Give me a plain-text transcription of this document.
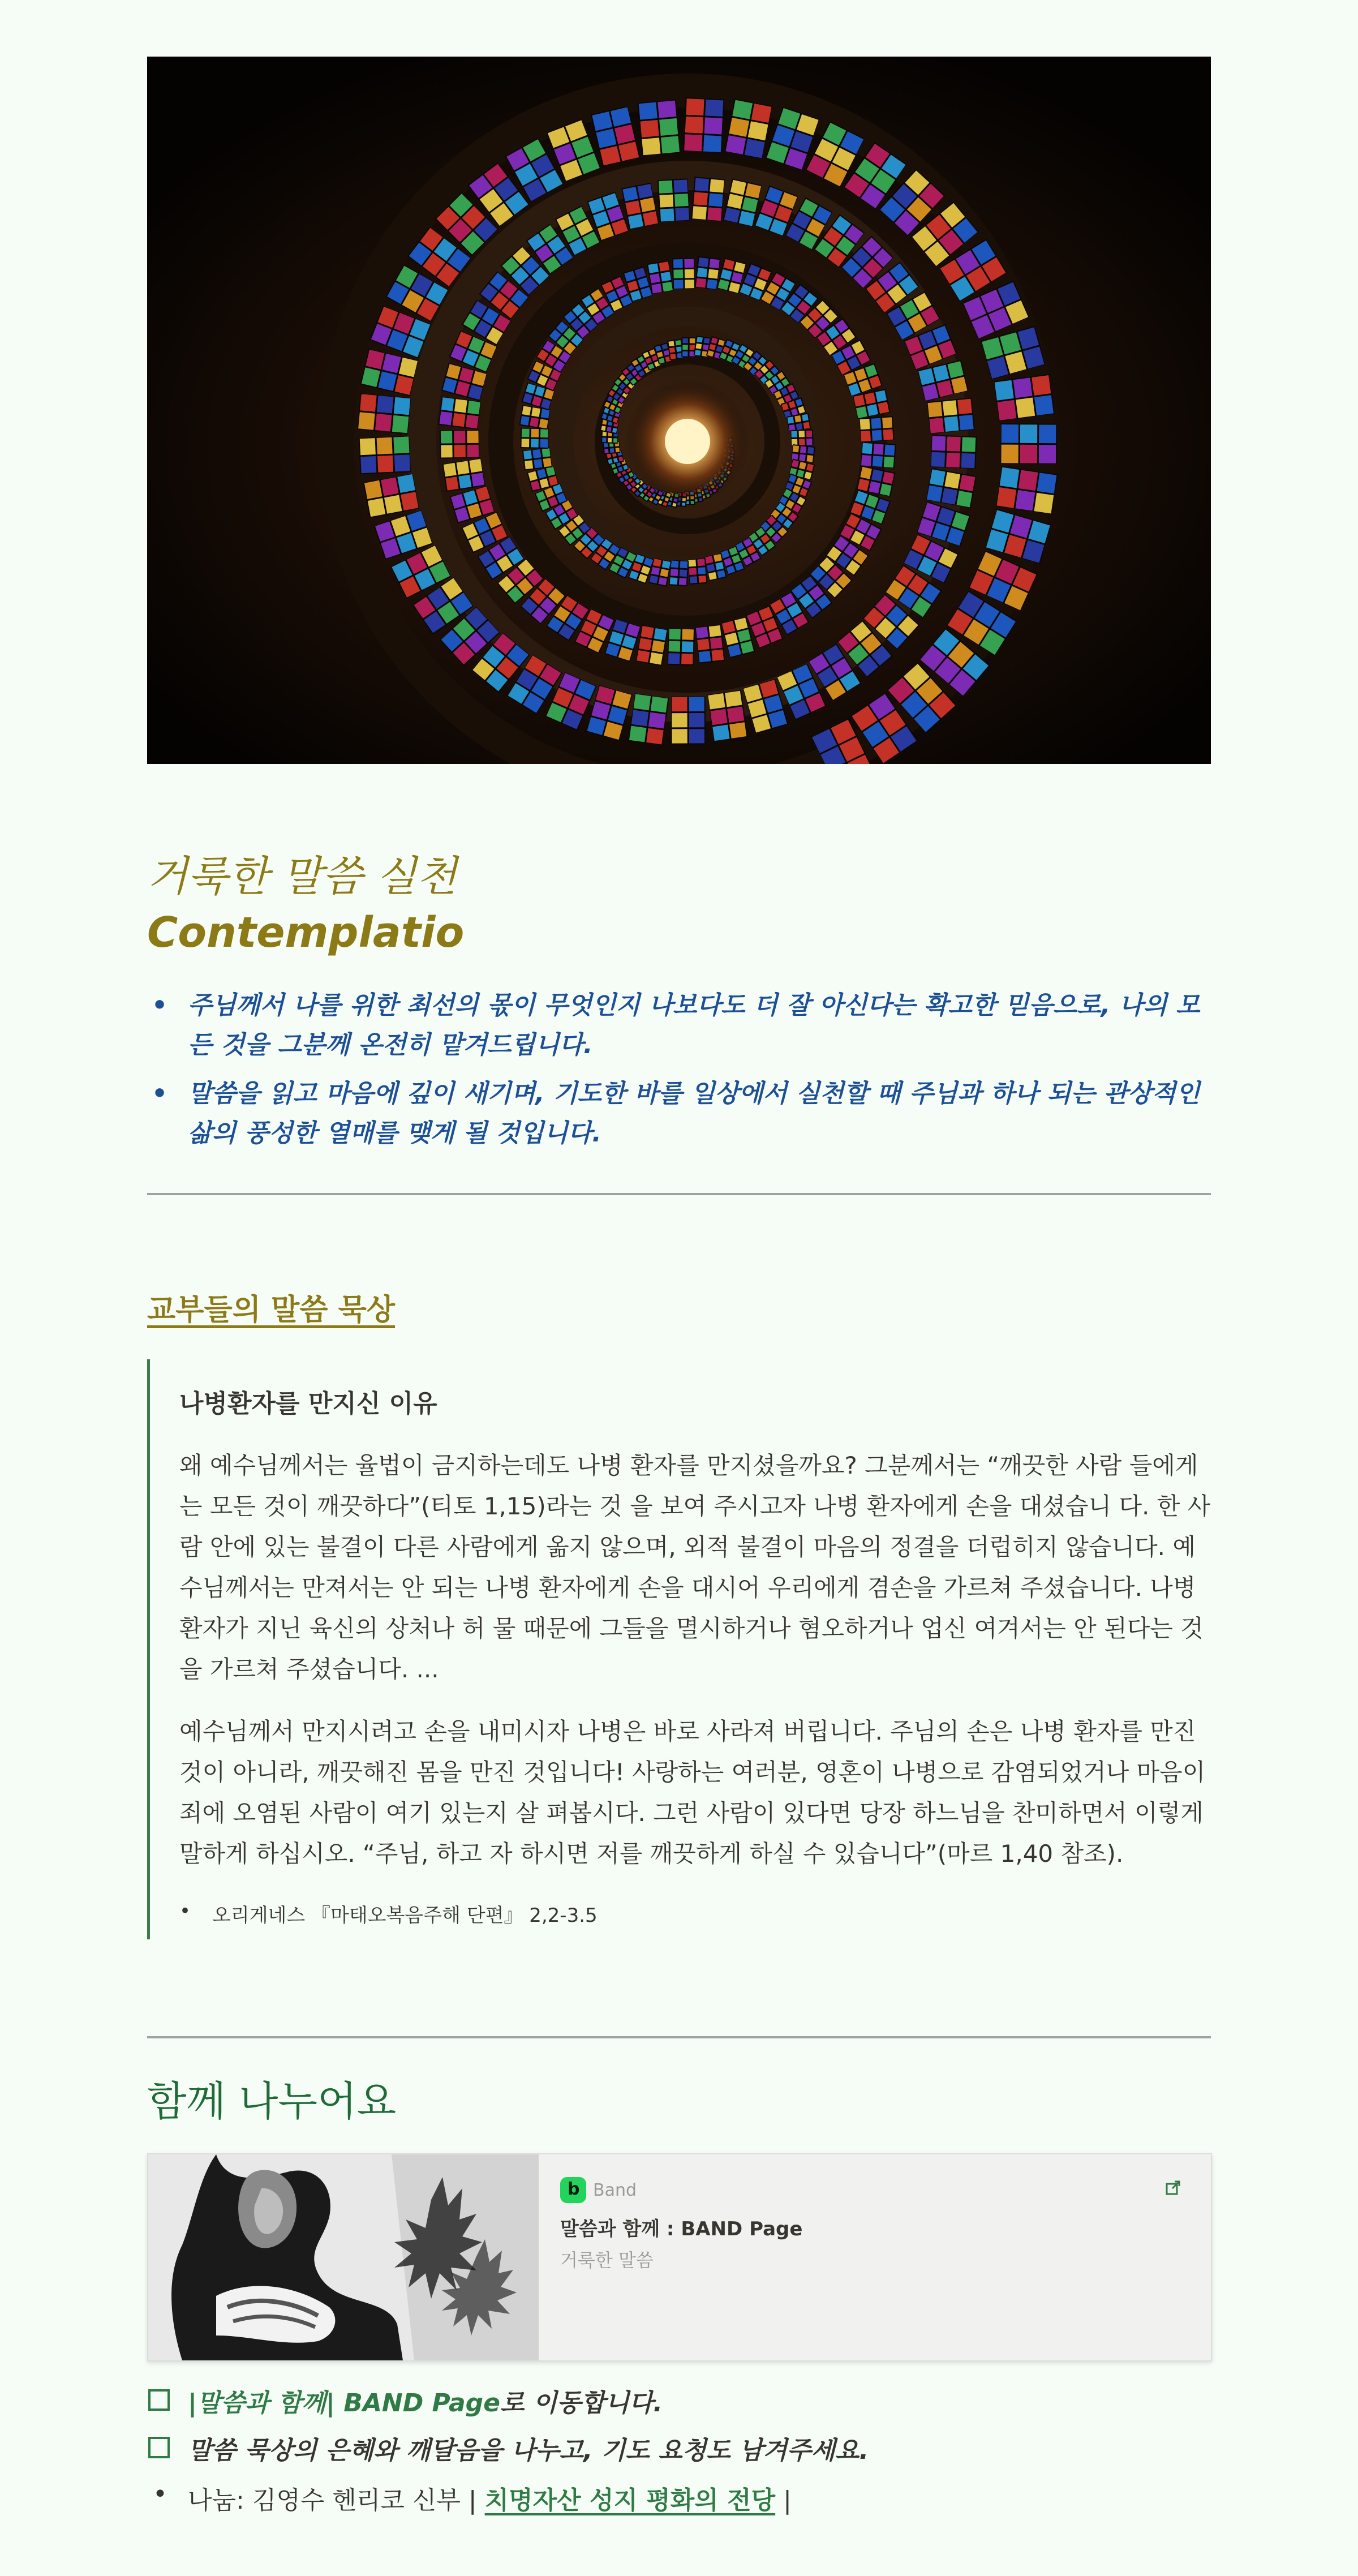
거룩한 말씀 실천
Contemplatio
• 주님께서 나를 위한 최선의 몫이 무엇인지 나보다도 더 잘 아신다는 확고한 믿음으로, 나의 모든 것을 그분께 온전히 맡겨드립니다.
• 말씀을 읽고 마음에 깊이 새기며, 기도한 바를 일상에서 실천할 때 주님과 하나 되는 관상적인 삶의 풍성한 열매를 맺게 될 것입니다.
교부들의 말씀 묵상
나병환자를 만지신 이유

왜 예수님께서는 율법이 금지하는데도 나병 환자를 만지셨을까요? 그분께서는 “깨끗한 사람 들에게는 모든 것이 깨끗하다”(티토 1,15)라는 것 을 보여 주시고자 나병 환자에게 손을 대셨습니 다. 한 사람 안에 있는 불결이 다른 사람에게 옮지 않으며, 외적 불결이 마음의 정결을 더럽히지 않습니다. 예수님께서는 만져서는 안 되는 나병 환자에게 손을 대시어 우리에게 겸손을 가르쳐 주셨습니다. 나병 환자가 지닌 육신의 상처나 허 물 때문에 그들을 멸시하거나 혐오하거나 업신 여겨서는 안 된다는 것을 가르쳐 주셨습니다. ...

예수님께서 만지시려고 손을 내미시자 나병은 바로 사라져 버립니다. 주님의 손은 나병 환자를 만진 것이 아니라, 깨끗해진 몸을 만진 것입니다! 사랑하는 여러분, 영혼이 나병으로 감염되었거나 마음이 죄에 오염된 사람이 여기 있는지 살 펴봅시다. 그런 사람이 있다면 당장 하느님을 찬미하면서 이렇게 말하게 하십시오. “주님, 하고 자 하시면 저를 깨끗하게 하실 수 있습니다”(마르 1,40 참조).

• 오리게네스 『마태오복음주해 단편』 2,2-3.5
함께 나누어요
b Band
말씀과 함께 : BAND Page
거룩한 말씀
|말씀과 함께| BAND Page로 이동합니다.
말씀 묵상의 은혜와 깨달음을 나누고, 기도 요청도 남겨주세요.
• 나눔: 김영수 헨리코 신부 | 치명자산 성지 평화의 전당 |
